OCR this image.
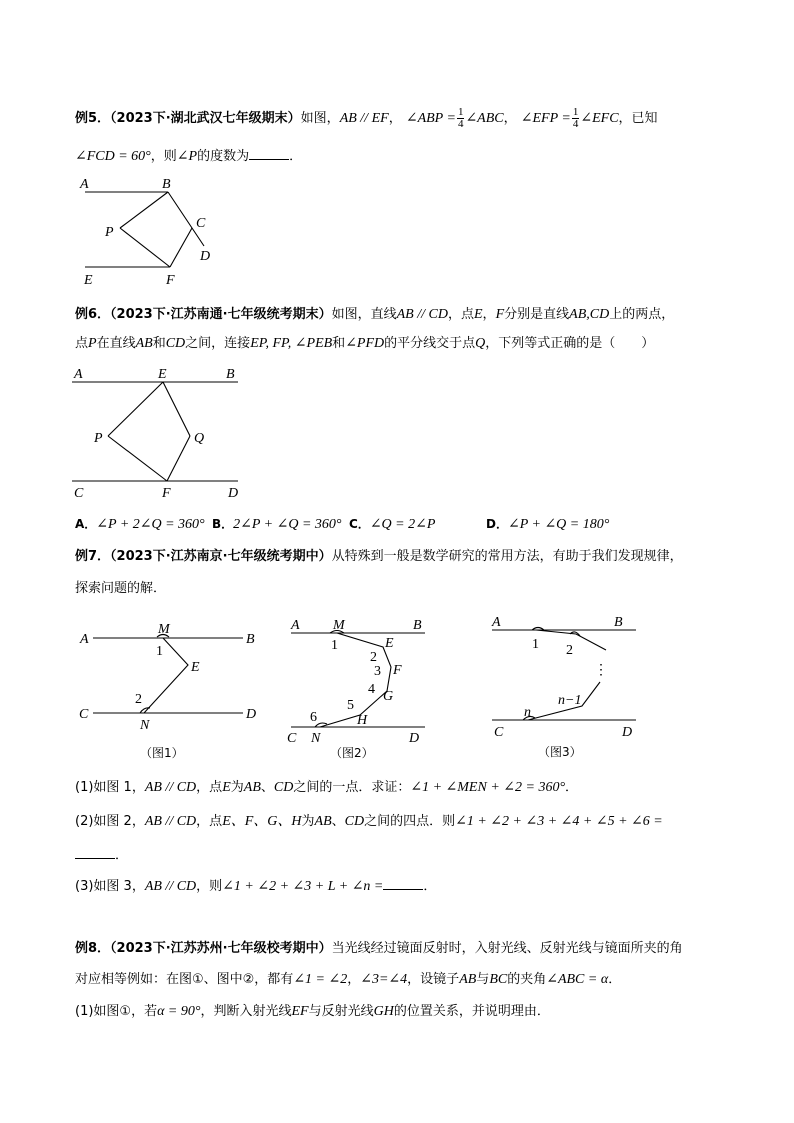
例5．（2023下·湖北武汉七年级期末）如图，AB // EF， ∠ABP = $\frac{1}{4}$ ∠ABC， ∠EFP = $\frac{1}{4}$ ∠EFC，已知
∠FCD = 60°，则∠P的度数为	．
A	B
C
D
E	F
P
例6．（2023下·江苏南通·七年级统考期末）如图，直线AB // CD，点E，F分别是直线AB,CD上的两点，
点P在直线AB和CD之间，连接EP, FP, ∠PEB和∠PFD的平分线交于点Q，下列等式正确的是（　　）
A	E	B
P	Q
C	F	D
A．∠P + 2∠Q = 360° B．2∠P + ∠Q = 360° C．∠Q = 2∠P	D．∠P + ∠Q = 180°
例7．（2023下·江苏南京·七年级统考期中）从特殊到一般是数学研究的常用方法，有助于我们发现规律，
探索问题的解．
A
M
B
1
E
2
C
N
D
（图1）
A M	B
1	E
2
3 F
4 G
5
H
6
C N	D
（图2）
A	B
1 2
⋮
n−1
n
C	D
（图3）
(1)如图 1，AB // CD，点E为AB、CD之间的一点．求证：∠1 + ∠MEN + ∠2 = 360°．
(2)如图 2，AB // CD，点E、F、G、H为AB、CD之间的四点．则∠1 + ∠2 + ∠3 + ∠4 + ∠5 + ∠6 =
．
(3)如图 3，AB // CD，则∠1 + ∠2 + ∠3 + L + ∠n =	．
例8．（2023下·江苏苏州·七年级校考期中）当光线经过镜面反射时，入射光线、反射光线与镜面所夹的角
对应相等例如：在图①、图中②，都有∠1 = ∠2，∠3=∠4，设镜子AB与BC的夹角∠ABC = α．
(1)如图①，若α = 90°，判断入射光线EF与反射光线GH的位置关系，并说明理由．
